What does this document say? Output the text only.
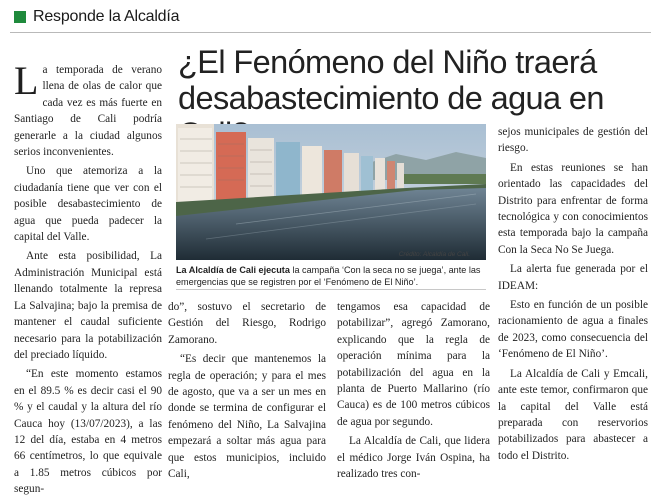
Responde la Alcaldía
¿El Fenómeno del Niño traerá desabastecimiento de agua en

La temporada de verano llena de olas de calor que cada vez es más fuerte en Santiago de Cali podría generarle a la ciudad algunos serios inconvenientes.

Uno que atemoriza a la ciudadanía tiene que ver con el posible desabastecimiento de agua que pueda padecer la capital del Valle.

Ante esta posibilidad, La Administración Municipal está llenando totalmente la represa La Salvajina; bajo la premisa de mantener el caudal suficiente necesario para la potabilización del preciado líquido.

“En este momento estamos en el 89.5 % es decir casi el 90 % y el caudal y la altura del río Cauca hoy (13/07/2023), a las 12 del día, estaba en 4 metros 66 centímetros, lo que equivale a 1.85 metros cúbicos por segun-

Crédito: Alcaldía de Cali.
La Alcaldía de Cali ejecuta la campaña ‘Con la seca no se juega’, ante las emergencias que se registren por el ‘Fenómeno de El Niño’.

do”, sostuvo el secretario de Gestión del Riesgo, Rodrigo Zamorano.

“Es decir que mantenemos la regla de operación; y para el mes de agosto, que va a ser un mes en donde se termina de configurar el fenómeno del Niño, La Salvajina empezará a soltar más agua para que estos municipios, incluido Cali,

tengamos esa capacidad de potabilizar”, agregó Zamorano, explicando que la regla de operación mínima para la potabilización del agua en la planta de Puerto Mallarino (río Cauca) es de 100 metros cúbicos de agua por segundo.

La Alcaldía de Cali, que lidera el médico Jorge Iván Ospina, ha realizado tres con-

sejos municipales de gestión del riesgo.

En estas reuniones se han orientado las capacidades del Distrito para enfrentar de forma tecnológica y con conocimientos esta temporada bajo la campaña Con la Seca No Se Juega.

La alerta fue generada por el IDEAM:

Esto en función de un posible racionamiento de agua a finales de 2023, como consecuencia del ‘Fenómeno de El Niño’.

La Alcaldía de Cali y Emcali, ante este temor, confirmaron que la capital del Valle está preparada con reservorios potabilizados para abastecer a todo el Distrito.
